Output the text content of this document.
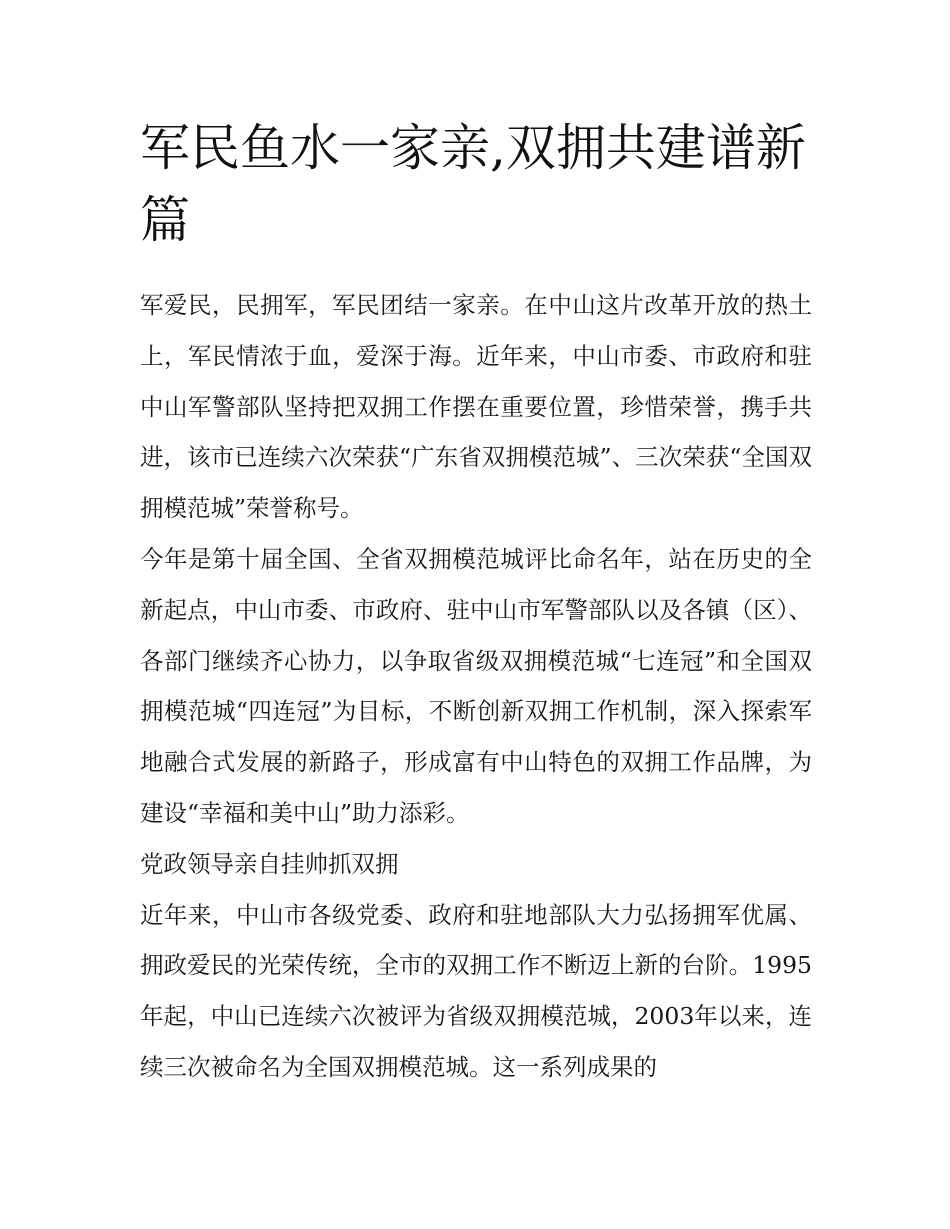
军民鱼水一家亲,双拥共建谱新篇

军爱民，民拥军，军民团结一家亲。在中山这片改革开放的热土上，军民情浓于血，爱深于海。近年来，中山市委、市政府和驻中山军警部队坚持把双拥工作摆在重要位置，珍惜荣誉，携手共进，该市已连续六次荣获“广东省双拥模范城”、三次荣获“全国双拥模范城”荣誉称号。

今年是第十届全国、全省双拥模范城评比命名年，站在历史的全新起点，中山市委、市政府、驻中山市军警部队以及各镇（区）、各部门继续齐心协力，以争取省级双拥模范城“七连冠”和全国双拥模范城“四连冠”为目标，不断创新双拥工作机制，深入探索军地融合式发展的新路子，形成富有中山特色的双拥工作品牌，为建设“幸福和美中山”助力添彩。

党政领导亲自挂帅抓双拥

近年来，中山市各级党委、政府和驻地部队大力弘扬拥军优属、拥政爱民的光荣传统，全市的双拥工作不断迈上新的台阶。1995年起，中山已连续六次被评为省级双拥模范城，2003年以来，连续三次被命名为全国双拥模范城。这一系列成果的
